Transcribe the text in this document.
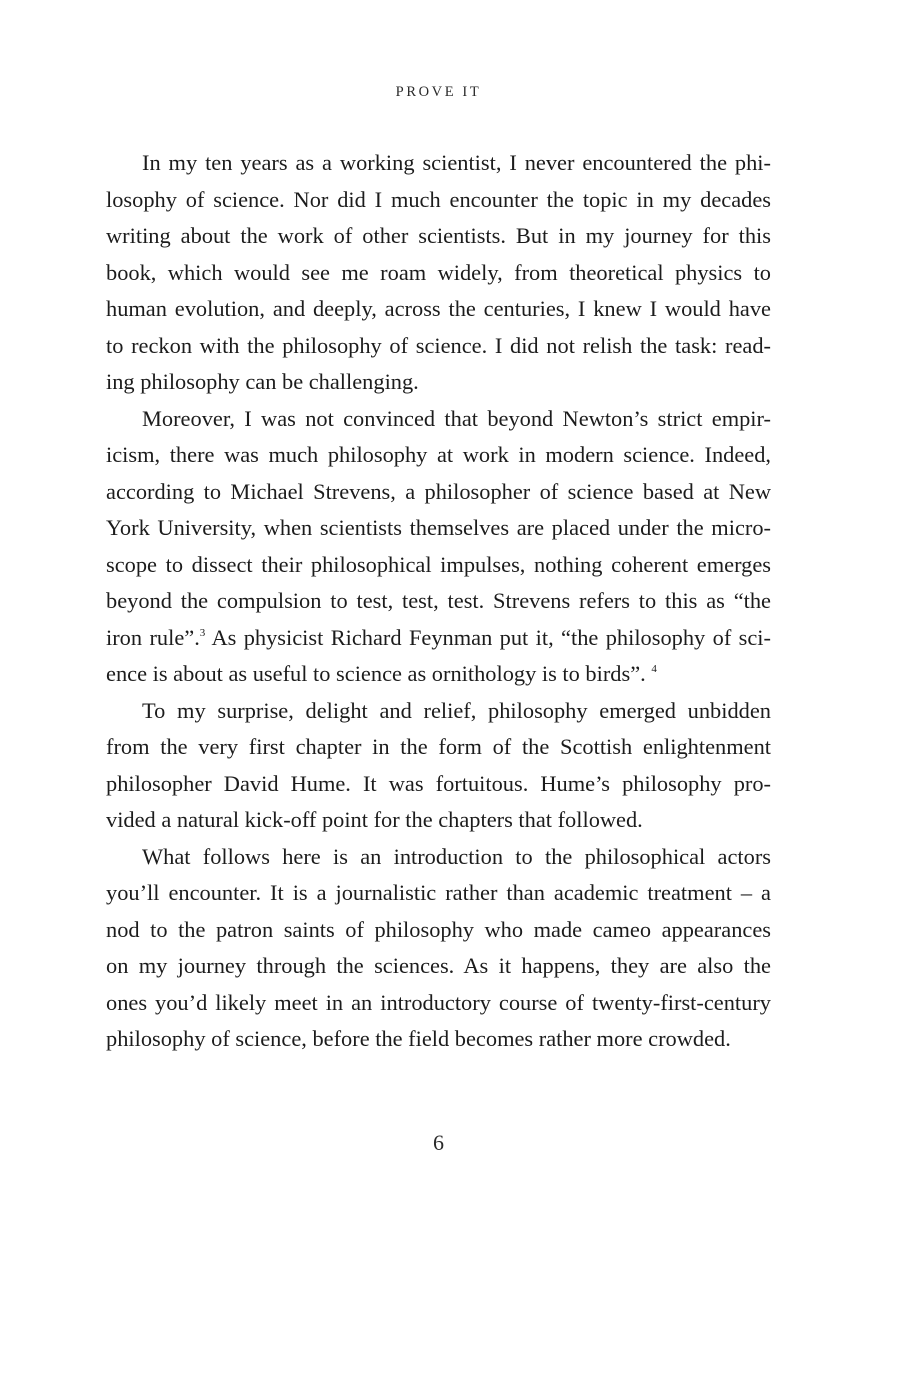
PROVE IT
In my ten years as a working scientist, I never encountered the phi-
losophy of science. Nor did I much encounter the topic in my decades
writing about the work of other scientists. But in my journey for this
book, which would see me roam widely, from theoretical physics to
human evolution, and deeply, across the centuries, I knew I would have
to reckon with the philosophy of science. I did not relish the task: read-
ing philosophy can be challenging.
Moreover, I was not convinced that beyond Newton’s strict empir-
icism, there was much philosophy at work in modern science. Indeed,
according to Michael Strevens, a philosopher of science based at New
York University, when scientists themselves are placed under the micro-
scope to dissect their philosophical impulses, nothing coherent emerges
beyond the compulsion to test, test, test. Strevens refers to this as “the
iron rule”.$^3$ As physicist Richard Feynman put it, “the philosophy of sci-
ence is about as useful to science as ornithology is to birds”. $^4$
To my surprise, delight and relief, philosophy emerged unbidden
from the very first chapter in the form of the Scottish enlightenment
philosopher David Hume. It was fortuitous. Hume’s philosophy pro-
vided a natural kick-off point for the chapters that followed.
What follows here is an introduction to the philosophical actors
you’ll encounter. It is a journalistic rather than academic treatment – a
nod to the patron saints of philosophy who made cameo appearances
on my journey through the sciences. As it happens, they are also the
ones you’d likely meet in an introductory course of twenty-first-century
philosophy of science, before the field becomes rather more crowded.
6
